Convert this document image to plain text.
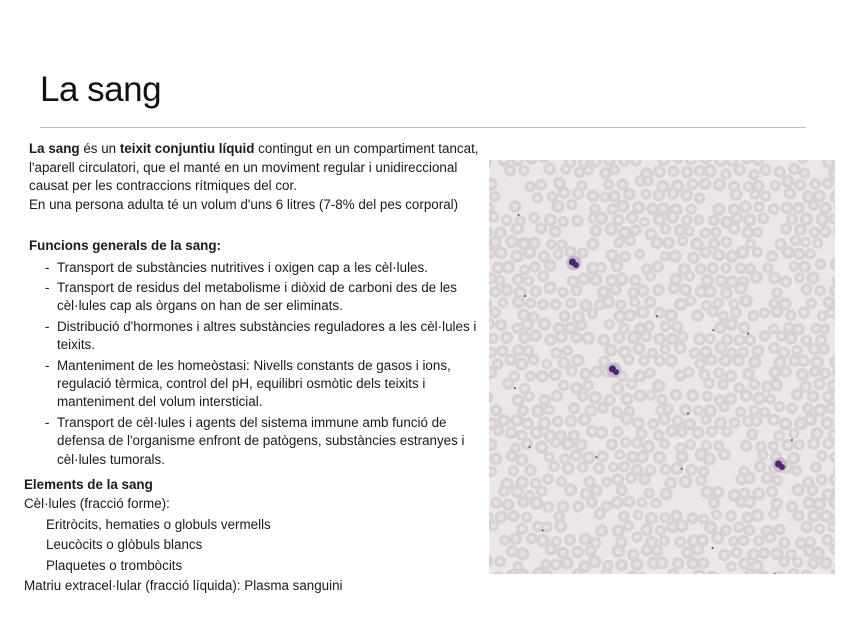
La sang

La sang és un teixit conjuntiu líquid contingut en un compartiment tancat, l'aparell circulatori, que el manté en un moviment regular i unidireccional causat per les contraccions rítmiques del cor.

En una persona adulta té un volum d'uns 6 litres (7-8% del pes corporal)

Funcions generals de la sang:
- Transport de substàncies nutritives i oxigen cap a les cèl·lules.
- Transport de residus del metabolisme i diòxid de carboni des de les cèl·lules cap als òrgans on han de ser eliminats.
- Distribució d'hormones i altres substàncies reguladores a les cèl·lules i teixits.
- Manteniment de les homeòstasi: Nivells constants de gasos i ions, regulació tèrmica, control del pH, equilibri osmòtic dels teixits i manteniment del volum intersticial.
- Transport de cèl·lules i agents del sistema immune amb funció de defensa de l'organisme enfront de patògens, substàncies estranyes i cèl·lules tumorals.
Elements de la sang
Cèl·lules (fracció forme):
Eritròcits, hematies o globuls vermells
Leucòcits o glòbuls blancs
Plaquetes o trombòcits
Matriu extracel·lular (fracció líquida): Plasma sanguini
